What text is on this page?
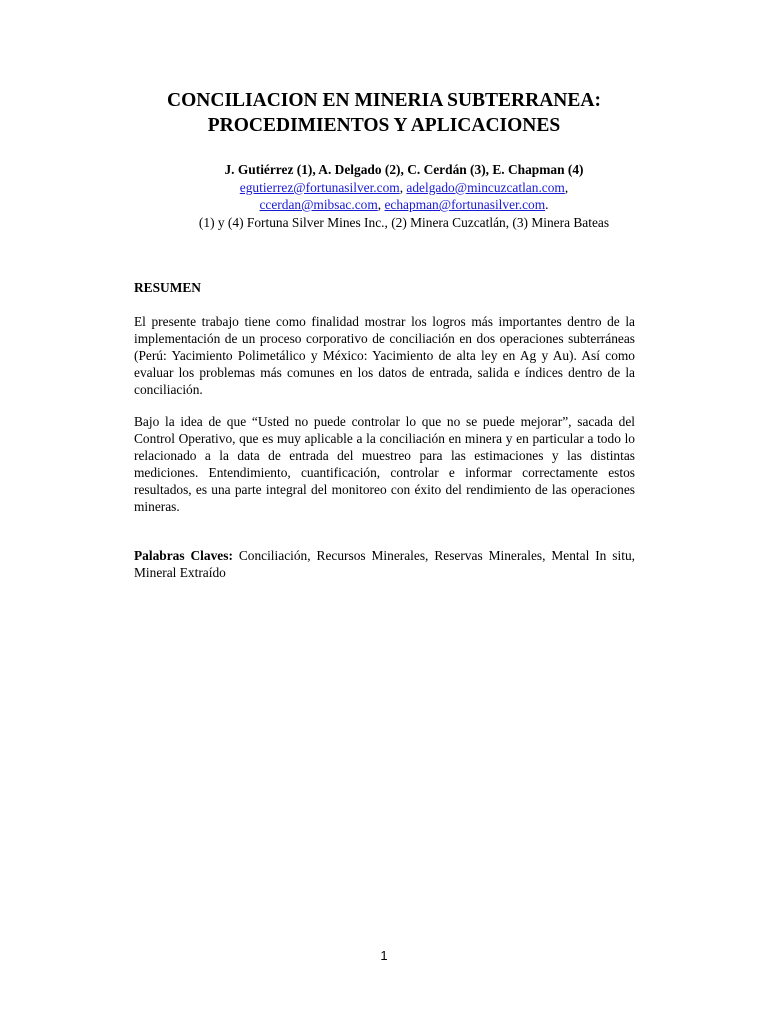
CONCILIACION EN MINERIA SUBTERRANEA:
PROCEDIMIENTOS Y APLICACIONES
J. Gutiérrez (1), A. Delgado (2), C. Cerdán (3), E. Chapman (4)
egutierrez@fortunasilver.com, adelgado@mincuzcatlan.com,
ccerdan@mibsac.com, echapman@fortunasilver.com.
(1) y (4) Fortuna Silver Mines Inc., (2) Minera Cuzcatlán, (3) Minera Bateas
RESUMEN

El presente trabajo tiene como finalidad mostrar los logros más importantes dentro de la implementación de un proceso corporativo de conciliación en dos operaciones subterráneas (Perú: Yacimiento Polimetálico y México: Yacimiento de alta ley en Ag y Au). Así como evaluar los problemas más comunes en los datos de entrada, salida e índices dentro de la conciliación.

Bajo la idea de que “Usted no puede controlar lo que no se puede mejorar”, sacada del Control Operativo, que es muy aplicable a la conciliación en minera y en particular a todo lo relacionado a la data de entrada del muestreo para las estimaciones y las distintas mediciones. Entendimiento, cuantificación, controlar e informar correctamente estos resultados, es una parte integral del monitoreo con éxito del rendimiento de las operaciones mineras.

Palabras Claves: Conciliación, Recursos Minerales, Reservas Minerales, Mental In situ, Mineral Extraído

1
